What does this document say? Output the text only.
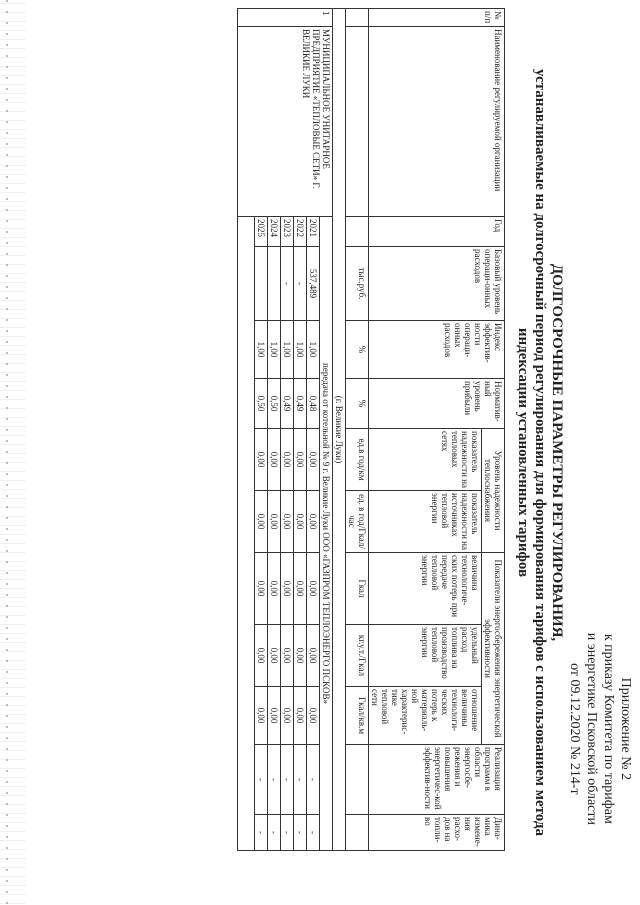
Приложение № 2
к приказу Комитета по тарифам
и энергетике Псковской области
от 09.12.2020 № 214-т
ДОЛГОСРОЧНЫЕ ПАРАМЕТРЫ РЕГУЛИРОВАНИЯ,
устанавливаемые на долгосрочный период регулирования для формирования тарифов с использованием метода
индексации установленных тарифов
№ п/п	Наименование регулируемой организации	Год	Базовый уровень операци-онных расходов	Индекс эффектив-ности операци-онных расходов	Норматив-ный уровень прибыли	Уровень надежности теплоснабжения		Показатели энергосбережения энергетической эффективности			Реализация программ в области энергосбе-режения и повышения энергетичес-кой эффектив-ности	Дина-мика измене-ния расхо-дов на топли-во
						показатель надежности на тепловых сетях	показатель надежности на источниках тепловой энергии	величина технологиче-ских потерь при передаче тепловой энергии	удельный расход топлива на производство тепловой энергии	отношение величины технологи-ческих потерь к материаль-ной характерис-тике тепловой сети		
			тыс.руб.	%	%	ед.в год/км	ед. в год/Гкал/час	Гкал	кг.у.т./Гкал	Гкал/кв.м		
(г. Великие Луки)												
1	МУНИЦИПАЛЬНОЕ УНИТАРНОЕ ПРЕДПРИЯТИЕ «ТЕПЛОВЫЕ СЕТИ» Г. ВЕЛИКИЕ ЛУКИ	передача от котельной № 9 г. Великие Луки ООО «ГАЗПРОМ ТЕПЛОЭНЕРГО ПСКОВ»										
		2021	537,489	1,00	0,48	0,00	0,00	0,00	0,00	0,00	-	-
		2022	-	1,00	0,49	0,00	0,00	0,00	0,00	0,00	-	-
		2023	-	1,00	0,49	0,00	0,00	0,00	0,00	0,00	-	-
		2024		1,00	0,50	0,00	0,00	0,00	0,00	0,00	-	-
		2025		1,00	0,50	0,00	0,00	0,00	0,00	0,00	-	-
